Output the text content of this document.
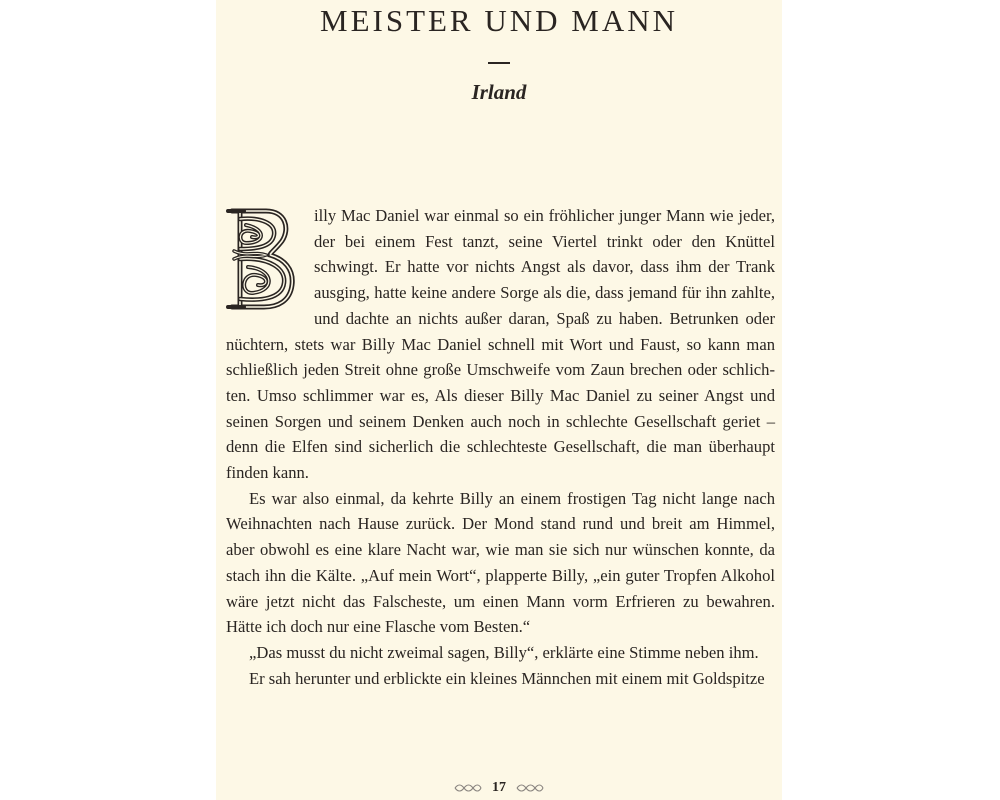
MEISTER UND MANN
Irland

illy Mac Daniel war einmal so ein fröhlicher junger Mann wie jeder, der bei einem Fest tanzt, seine Viertel trinkt oder den Knüttel schwingt. Er hatte vor nichts Angst als davor, dass ihm der Trank ausging, hatte keine andere Sorge als die, dass jemand für ihn zahlte, und dachte an nichts außer daran, Spaß zu haben. Betrunken oder nüchtern, stets war Billy Mac Daniel schnell mit Wort und Faust, so kann man schließlich jeden Streit ohne große Umschweife vom Zaun brechen oder schlichten. Umso schlimmer war es, Als dieser Billy Mac Daniel zu seiner Angst und seinen Sorgen und seinem Denken auch noch in schlechte Gesellschaft geriet – denn die Elfen sind sicherlich die schlechteste Gesellschaft, die man überhaupt finden kann.

Es war also einmal, da kehrte Billy an einem frostigen Tag nicht lange nach Weihnachten nach Hause zurück. Der Mond stand rund und breit am Himmel, aber obwohl es eine klare Nacht war, wie man sie sich nur wünschen konnte, da stach ihn die Kälte. „Auf mein Wort“, plapperte Billy, „ein guter Tropfen Alkohol wäre jetzt nicht das Falscheste, um einen Mann vorm Erfrieren zu bewahren. Hätte ich doch nur eine Flasche vom Besten.“

„Das musst du nicht zweimal sagen, Billy“, erklärte eine Stimme neben ihm.

Er sah herunter und erblickte ein kleines Männchen mit einem mit Goldspitze

17
